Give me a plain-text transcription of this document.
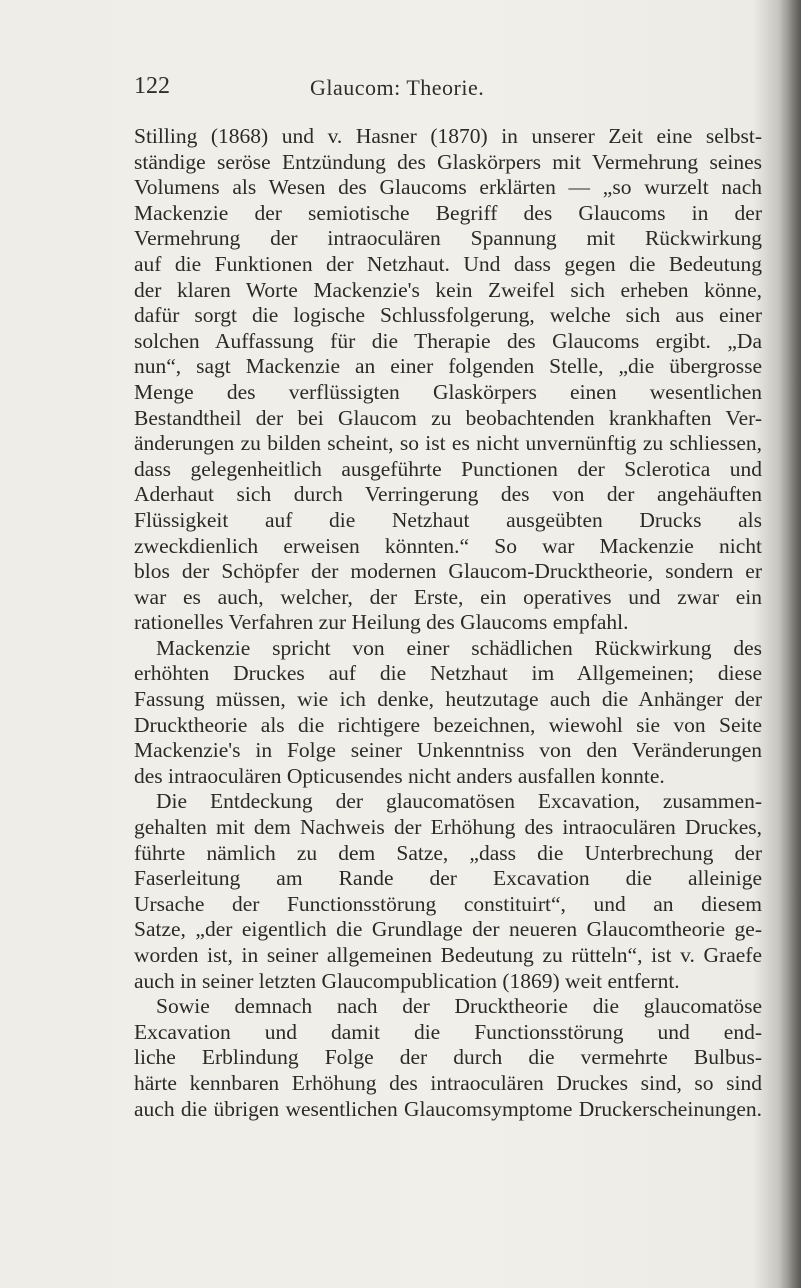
122	Glaucom: Theorie.
Stilling (1868) und v. Hasner (1870) in unserer Zeit eine selbst-
ständige seröse Entzündung des Glaskörpers mit Vermehrung seines
Volumens als Wesen des Glaucoms erklärten — „so wurzelt nach
Mackenzie der semiotische Begriff des Glaucoms in der
Vermehrung der intraoculären Spannung mit Rückwirkung
auf die Funktionen der Netzhaut. Und dass gegen die Bedeutung
der klaren Worte Mackenzie's kein Zweifel sich erheben könne,
dafür sorgt die logische Schlussfolgerung, welche sich aus einer
solchen Auffassung für die Therapie des Glaucoms ergibt. „Da
nun“, sagt Mackenzie an einer folgenden Stelle, „die übergrosse
Menge des verflüssigten Glaskörpers einen wesentlichen
Bestandtheil der bei Glaucom zu beobachtenden krankhaften Ver-
änderungen zu bilden scheint, so ist es nicht unvernünftig zu schliessen,
dass gelegenheitlich ausgeführte Punctionen der Sclerotica und
Aderhaut sich durch Verringerung des von der angehäuften
Flüssigkeit auf die Netzhaut ausgeübten Drucks als
zweckdienlich erweisen könnten.“ So war Mackenzie nicht
blos der Schöpfer der modernen Glaucom-Drucktheorie, sondern er
war es auch, welcher, der Erste, ein operatives und zwar ein
rationelles Verfahren zur Heilung des Glaucoms empfahl.
Mackenzie spricht von einer schädlichen Rückwirkung des
erhöhten Druckes auf die Netzhaut im Allgemeinen; diese
Fassung müssen, wie ich denke, heutzutage auch die Anhänger der
Drucktheorie als die richtigere bezeichnen, wiewohl sie von Seite
Mackenzie's in Folge seiner Unkenntniss von den Veränderungen
des intraoculären Opticusendes nicht anders ausfallen konnte.
Die Entdeckung der glaucomatösen Excavation, zusammen-
gehalten mit dem Nachweis der Erhöhung des intraoculären Druckes,
führte nämlich zu dem Satze, „dass die Unterbrechung der
Faserleitung am Rande der Excavation die alleinige
Ursache der Functionsstörung constituirt“, und an diesem
Satze, „der eigentlich die Grundlage der neueren Glaucomtheorie ge-
worden ist, in seiner allgemeinen Bedeutung zu rütteln“, ist v. Graefe
auch in seiner letzten Glaucompublication (1869) weit entfernt.
Sowie demnach nach der Drucktheorie die glaucomatöse
Excavation und damit die Functionsstörung und end-
liche Erblindung Folge der durch die vermehrte Bulbus-
härte kennbaren Erhöhung des intraoculären Druckes sind, so sind
auch die übrigen wesentlichen Glaucomsymptome Druckerscheinungen.
